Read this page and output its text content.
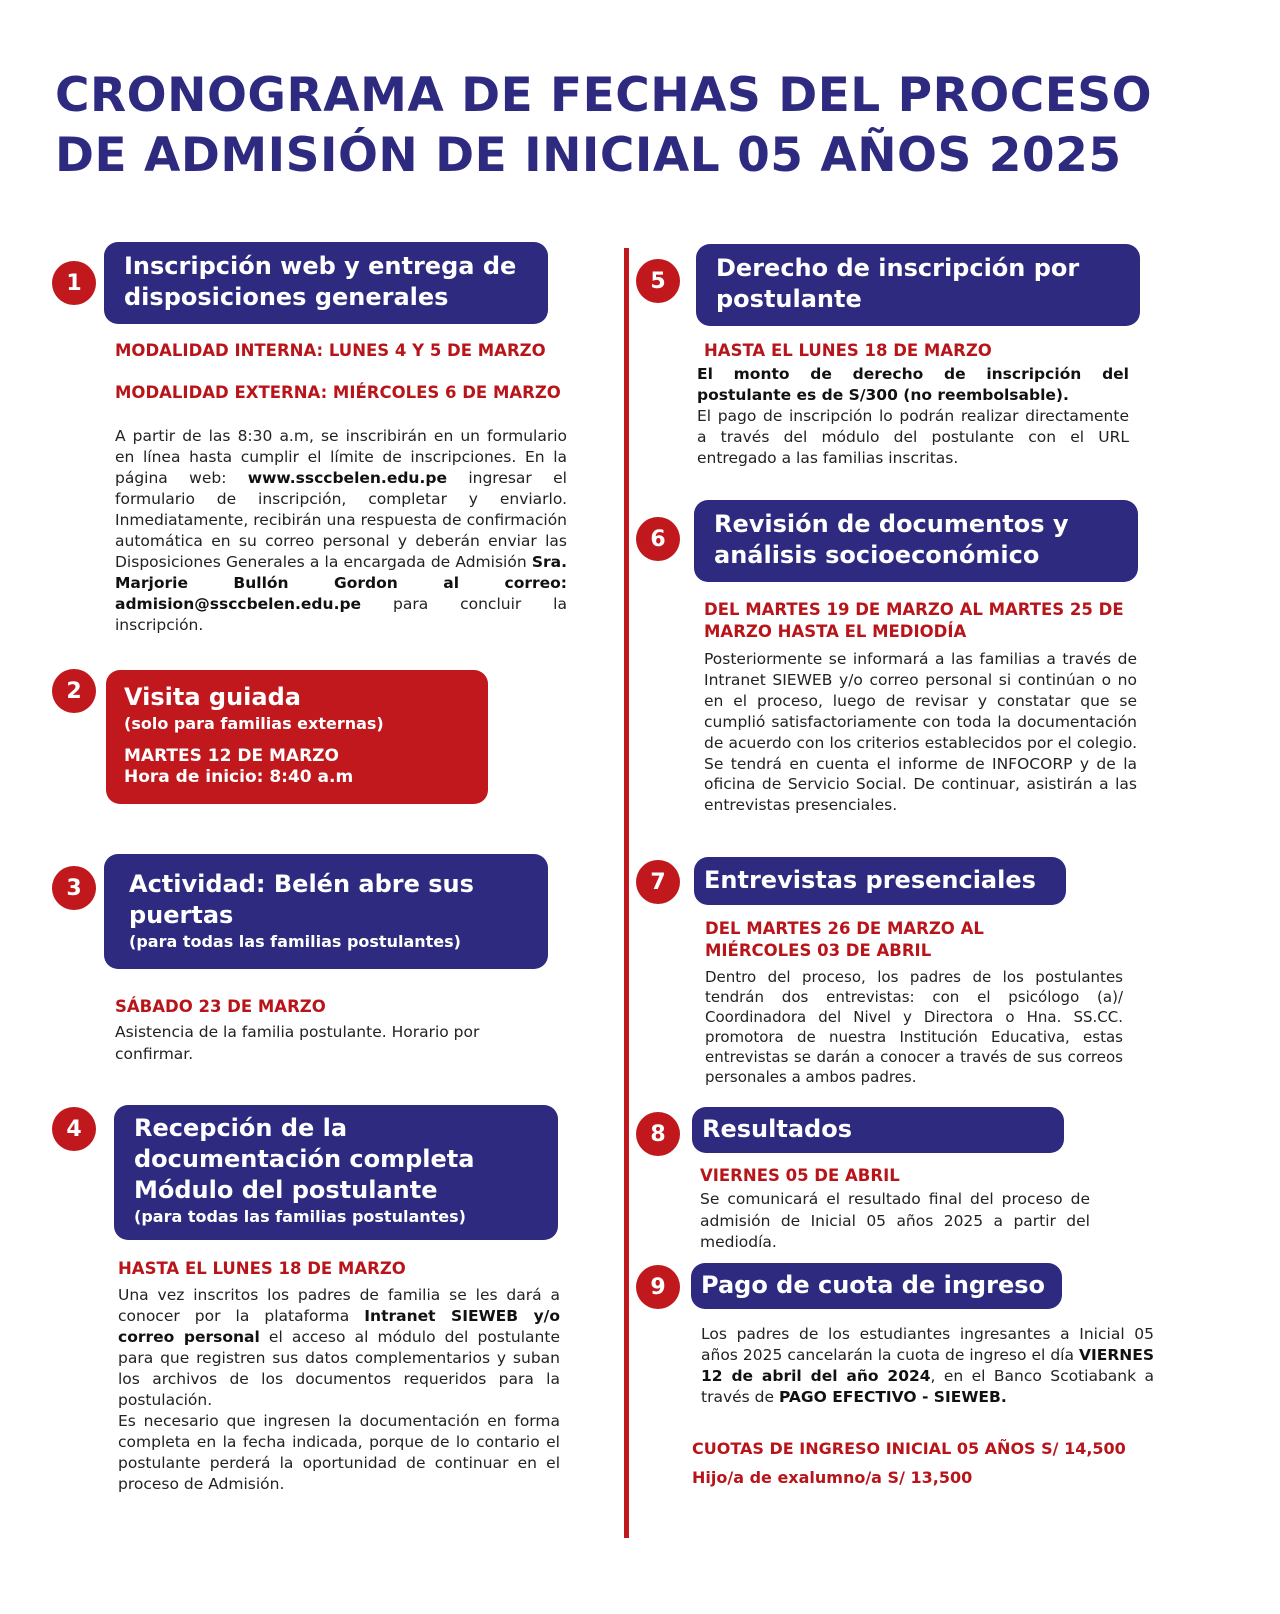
CRONOGRAMA DE FECHAS DEL PROCESO
DE ADMISIÓN DE INICIAL 05 AÑOS 2025
1
Inscripción web y entrega de
disposiciones generales
MODALIDAD INTERNA: LUNES 4 Y 5 DE MARZO
MODALIDAD EXTERNA: MIÉRCOLES 6 DE MARZO
A partir de las 8:30 a.m, se inscribirán en un formulario en línea hasta cumplir el límite de inscripciones. En la página web: www.ssccbelen.edu.pe ingresar el formulario de inscripción, completar y enviarlo. Inmediatamente, recibirán una respuesta de confirmación automática en su correo personal y deberán enviar las Disposiciones Generales a la encargada de Admisión Sra. Marjorie Bullón Gordon al correo: admision@ssccbelen.edu.pe para concluir la inscripción.
2	Visita guiada
(solo para familias externas)
MARTES 12 DE MARZO
Hora de inicio: 8:40 a.m
3	Actividad: Belén abre sus
puertas
(para todas las familias postulantes)
SÁBADO 23 DE MARZO
Asistencia de la familia postulante. Horario por confirmar.
4	Recepción de la
documentación completa
Módulo del postulante
(para todas las familias postulantes)
HASTA EL LUNES 18 DE MARZO
Una vez inscritos los padres de familia se les dará a conocer por la plataforma Intranet SIEWEB y/o correo personal el acceso al módulo del postulante para que registren sus datos complementarios y suban los archivos de los documentos requeridos para la postulación.
Es necesario que ingresen la documentación en forma completa en la fecha indicada, porque de lo contario el postulante perderá la oportunidad de continuar en el proceso de Admisión.
5	Derecho de inscripción por
postulante
HASTA EL LUNES 18 DE MARZO
El monto de derecho de inscripción del postulante es de S/300 (no reembolsable).
El pago de inscripción lo podrán realizar directamente a través del módulo del postulante con el URL entregado a las familias inscritas.
6
Revisión de documentos y
análisis socioeconómico
DEL MARTES 19 DE MARZO AL MARTES 25 DE
MARZO HASTA EL MEDIODÍA
Posteriormente se informará a las familias a través de Intranet SIEWEB y/o correo personal si continúan o no en el proceso, luego de revisar y constatar que se cumplió satisfactoriamente con toda la documentación de acuerdo con los criterios establecidos por el colegio. Se tendrá en cuenta el informe de INFOCORP y de la oficina de Servicio Social. De continuar, asistirán a las entrevistas presenciales.
7	Entrevistas presenciales
DEL MARTES 26 DE MARZO AL
MIÉRCOLES 03 DE ABRIL
Dentro del proceso, los padres de los postulantes tendrán dos entrevistas: con el psicólogo (a)/ Coordinadora del Nivel y Directora o Hna. SS.CC. promotora de nuestra Institución Educativa, estas entrevistas se darán a conocer a través de sus correos personales a ambos padres.
8	Resultados
VIERNES 05 DE ABRIL
Se comunicará el resultado final del proceso de admisión de Inicial 05 años 2025 a partir del mediodía.
9	Pago de cuota de ingreso
Los padres de los estudiantes ingresantes a Inicial 05 años 2025 cancelarán la cuota de ingreso el día VIERNES 12 de abril del año 2024, en el Banco Scotiabank a través de PAGO EFECTIVO - SIEWEB.
CUOTAS DE INGRESO INICIAL 05 AÑOS S/ 14,500
Hijo/a de exalumno/a S/ 13,500
